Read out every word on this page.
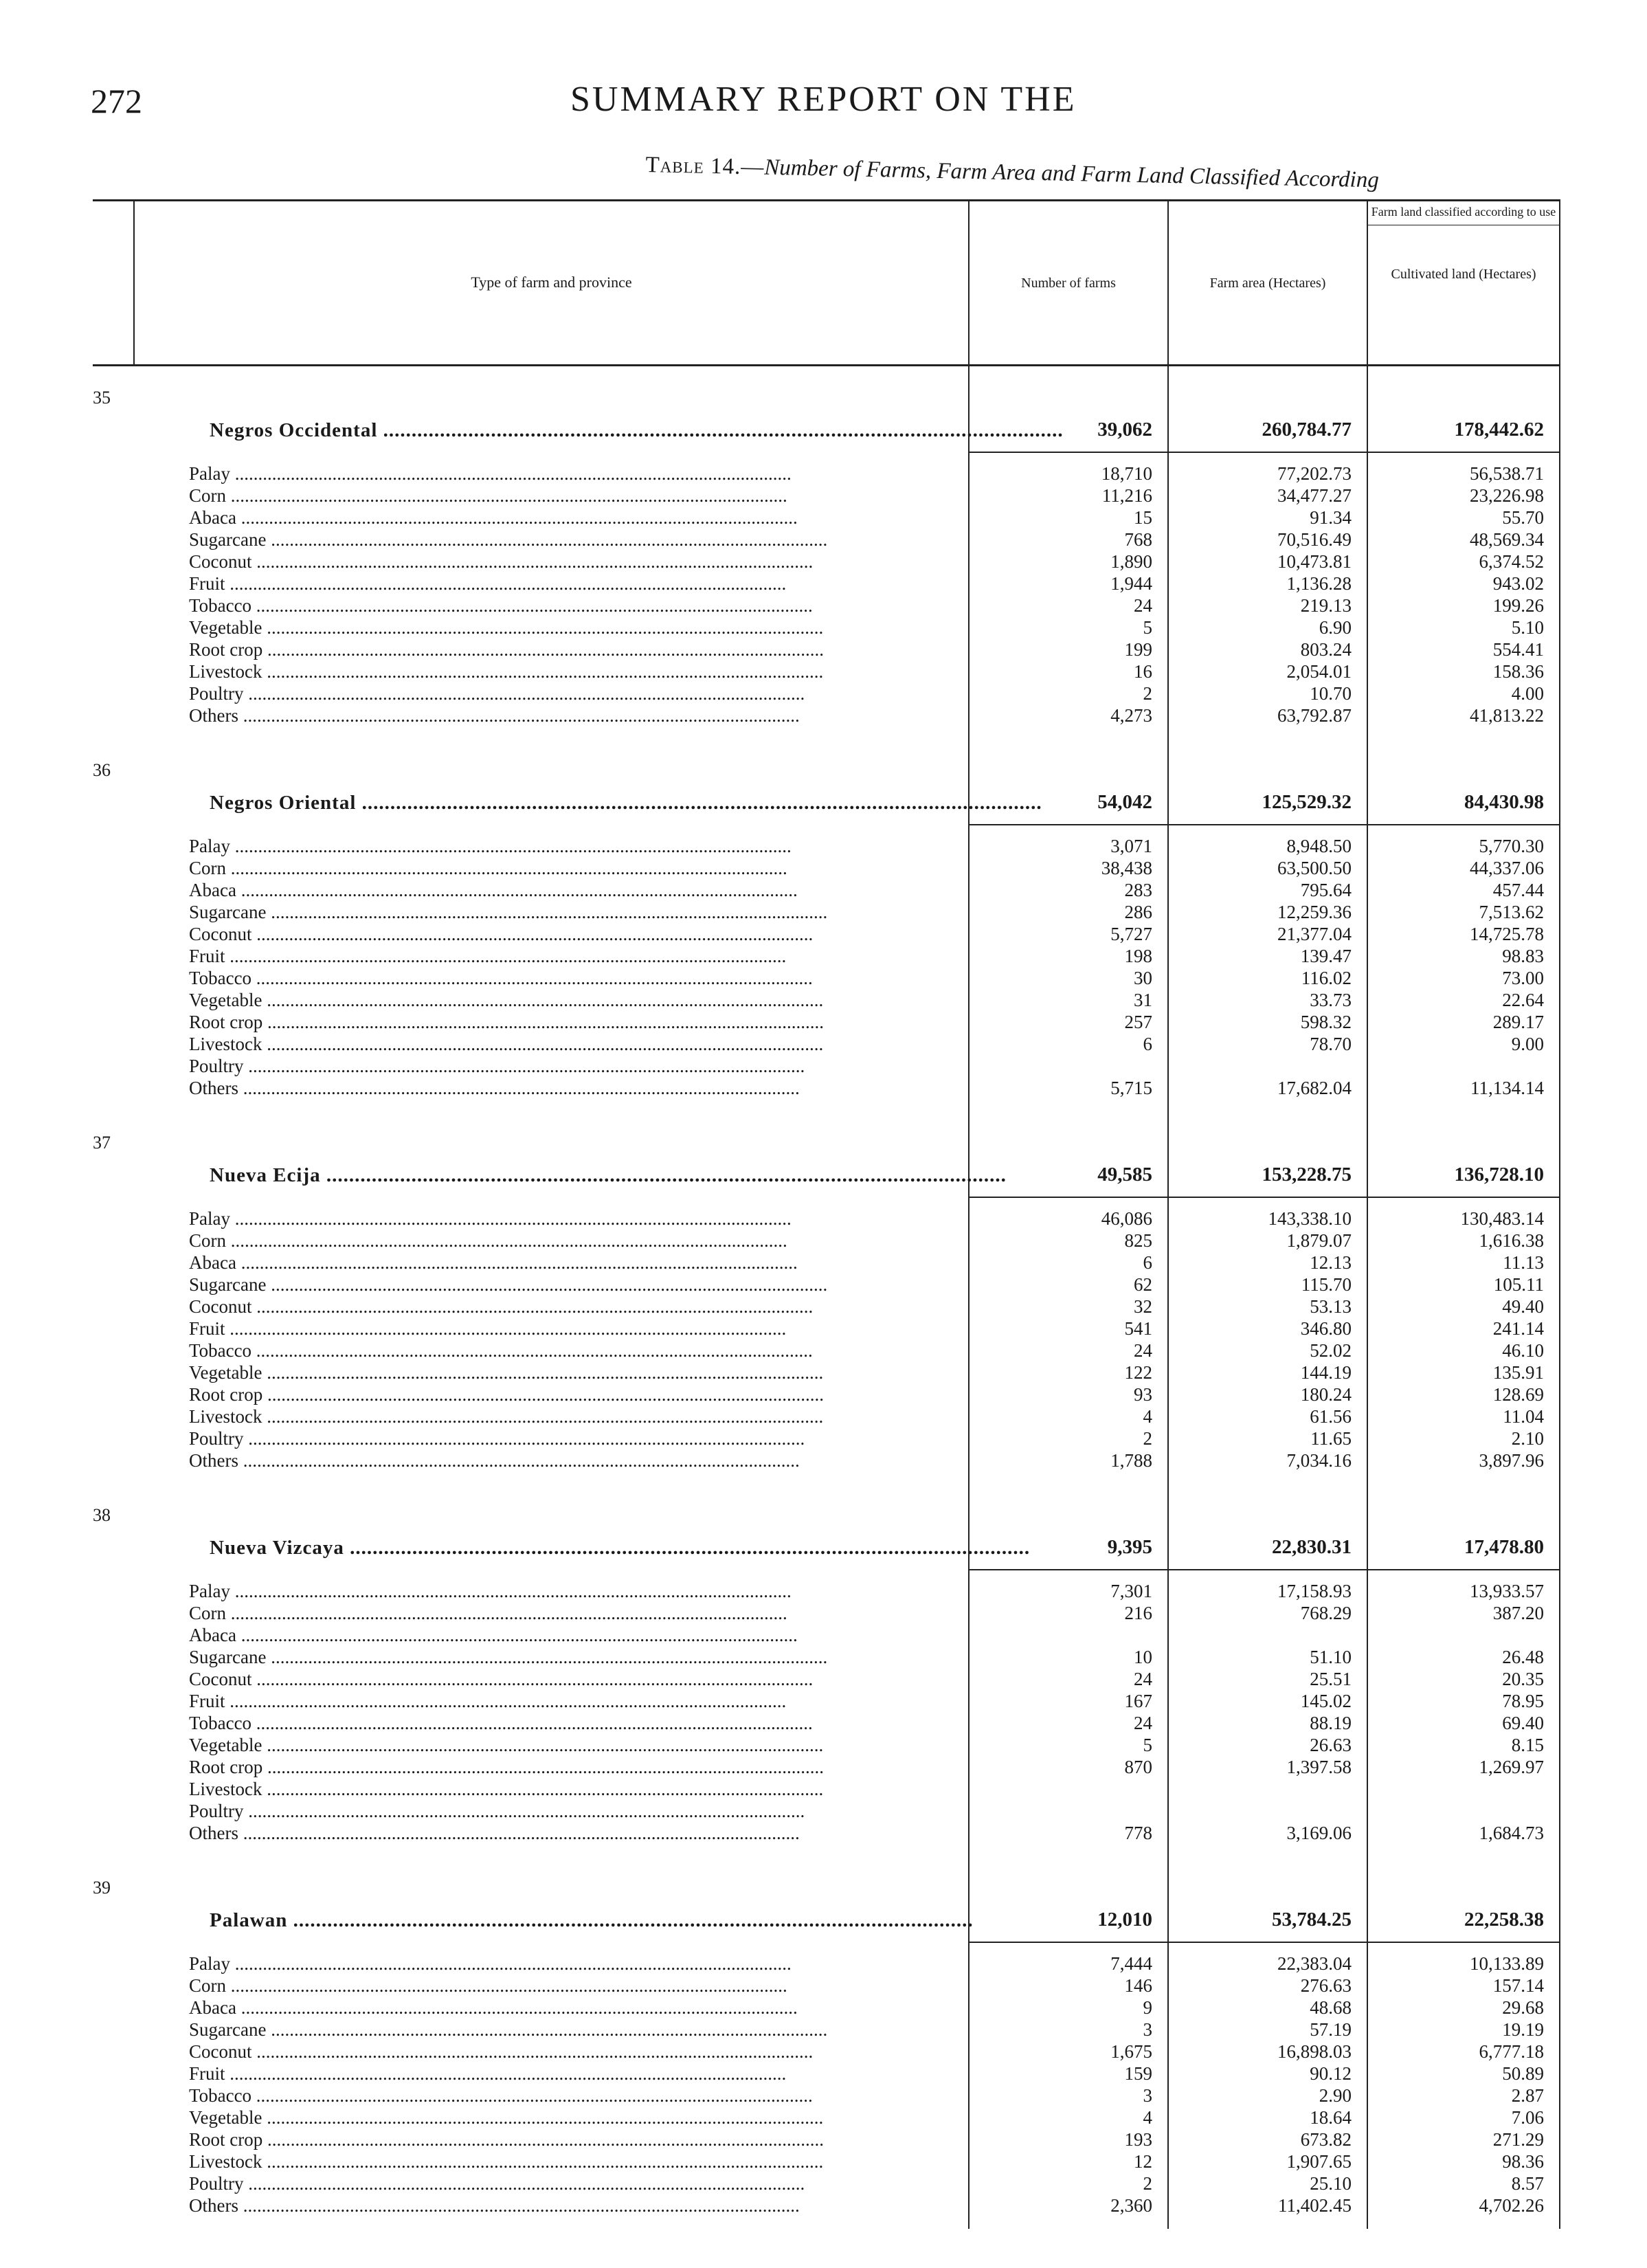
272	SUMMARY REPORT ON THE
Table 14.—Number of Farms, Farm Area and Farm Land Classified According
	Type of farm and province	Number of farms	Farm area (Hectares)	Farm land classified according to use
Cultivated land (Hectares)

35	Negros Occidental ........................................................................................................................	39,062	260,784.77	178,442.62
	Palay ........................................................................................................................	18,710	77,202.73	56,538.71
	Corn ........................................................................................................................	11,216	34,477.27	23,226.98
	Abaca ........................................................................................................................	15	91.34	55.70
	Sugarcane ........................................................................................................................	768	70,516.49	48,569.34
	Coconut ........................................................................................................................	1,890	10,473.81	6,374.52
	Fruit ........................................................................................................................	1,944	1,136.28	943.02
	Tobacco ........................................................................................................................	24	219.13	199.26
	Vegetable ........................................................................................................................	5	6.90	5.10
	Root crop ........................................................................................................................	199	803.24	554.41
	Livestock ........................................................................................................................	16	2,054.01	158.36
	Poultry ........................................................................................................................	2	10.70	4.00
	Others ........................................................................................................................	4,273	63,792.87	41,813.22

36	Negros Oriental ........................................................................................................................	54,042	125,529.32	84,430.98
	Palay ........................................................................................................................	3,071	8,948.50	5,770.30
	Corn ........................................................................................................................	38,438	63,500.50	44,337.06
	Abaca ........................................................................................................................	283	795.64	457.44
	Sugarcane ........................................................................................................................	286	12,259.36	7,513.62
	Coconut ........................................................................................................................	5,727	21,377.04	14,725.78
	Fruit ........................................................................................................................	198	139.47	98.83
	Tobacco ........................................................................................................................	30	116.02	73.00
	Vegetable ........................................................................................................................	31	33.73	22.64
	Root crop ........................................................................................................................	257	598.32	289.17
	Livestock ........................................................................................................................	6	78.70	9.00
	Poultry ........................................................................................................................			
	Others ........................................................................................................................	5,715	17,682.04	11,134.14

37	Nueva Ecija ........................................................................................................................	49,585	153,228.75	136,728.10
	Palay ........................................................................................................................	46,086	143,338.10	130,483.14
	Corn ........................................................................................................................	825	1,879.07	1,616.38
	Abaca ........................................................................................................................	6	12.13	11.13
	Sugarcane ........................................................................................................................	62	115.70	105.11
	Coconut ........................................................................................................................	32	53.13	49.40
	Fruit ........................................................................................................................	541	346.80	241.14
	Tobacco ........................................................................................................................	24	52.02	46.10
	Vegetable ........................................................................................................................	122	144.19	135.91
	Root crop ........................................................................................................................	93	180.24	128.69
	Livestock ........................................................................................................................	4	61.56	11.04
	Poultry ........................................................................................................................	2	11.65	2.10
	Others ........................................................................................................................	1,788	7,034.16	3,897.96

38	Nueva Vizcaya ........................................................................................................................	9,395	22,830.31	17,478.80
	Palay ........................................................................................................................	7,301	17,158.93	13,933.57
	Corn ........................................................................................................................	216	768.29	387.20
	Abaca ........................................................................................................................			
	Sugarcane ........................................................................................................................	10	51.10	26.48
	Coconut ........................................................................................................................	24	25.51	20.35
	Fruit ........................................................................................................................	167	145.02	78.95
	Tobacco ........................................................................................................................	24	88.19	69.40
	Vegetable ........................................................................................................................	5	26.63	8.15
	Root crop ........................................................................................................................	870	1,397.58	1,269.97
	Livestock ........................................................................................................................			
	Poultry ........................................................................................................................			
	Others ........................................................................................................................	778	3,169.06	1,684.73

39	Palawan ........................................................................................................................	12,010	53,784.25	22,258.38
	Palay ........................................................................................................................	7,444	22,383.04	10,133.89
	Corn ........................................................................................................................	146	276.63	157.14
	Abaca ........................................................................................................................	9	48.68	29.68
	Sugarcane ........................................................................................................................	3	57.19	19.19
	Coconut ........................................................................................................................	1,675	16,898.03	6,777.18
	Fruit ........................................................................................................................	159	90.12	50.89
	Tobacco ........................................................................................................................	3	2.90	2.87
	Vegetable ........................................................................................................................	4	18.64	7.06
	Root crop ........................................................................................................................	193	673.82	271.29
	Livestock ........................................................................................................................	12	1,907.65	98.36
	Poultry ........................................................................................................................	2	25.10	8.57
	Others ........................................................................................................................	2,360	11,402.45	4,702.26
